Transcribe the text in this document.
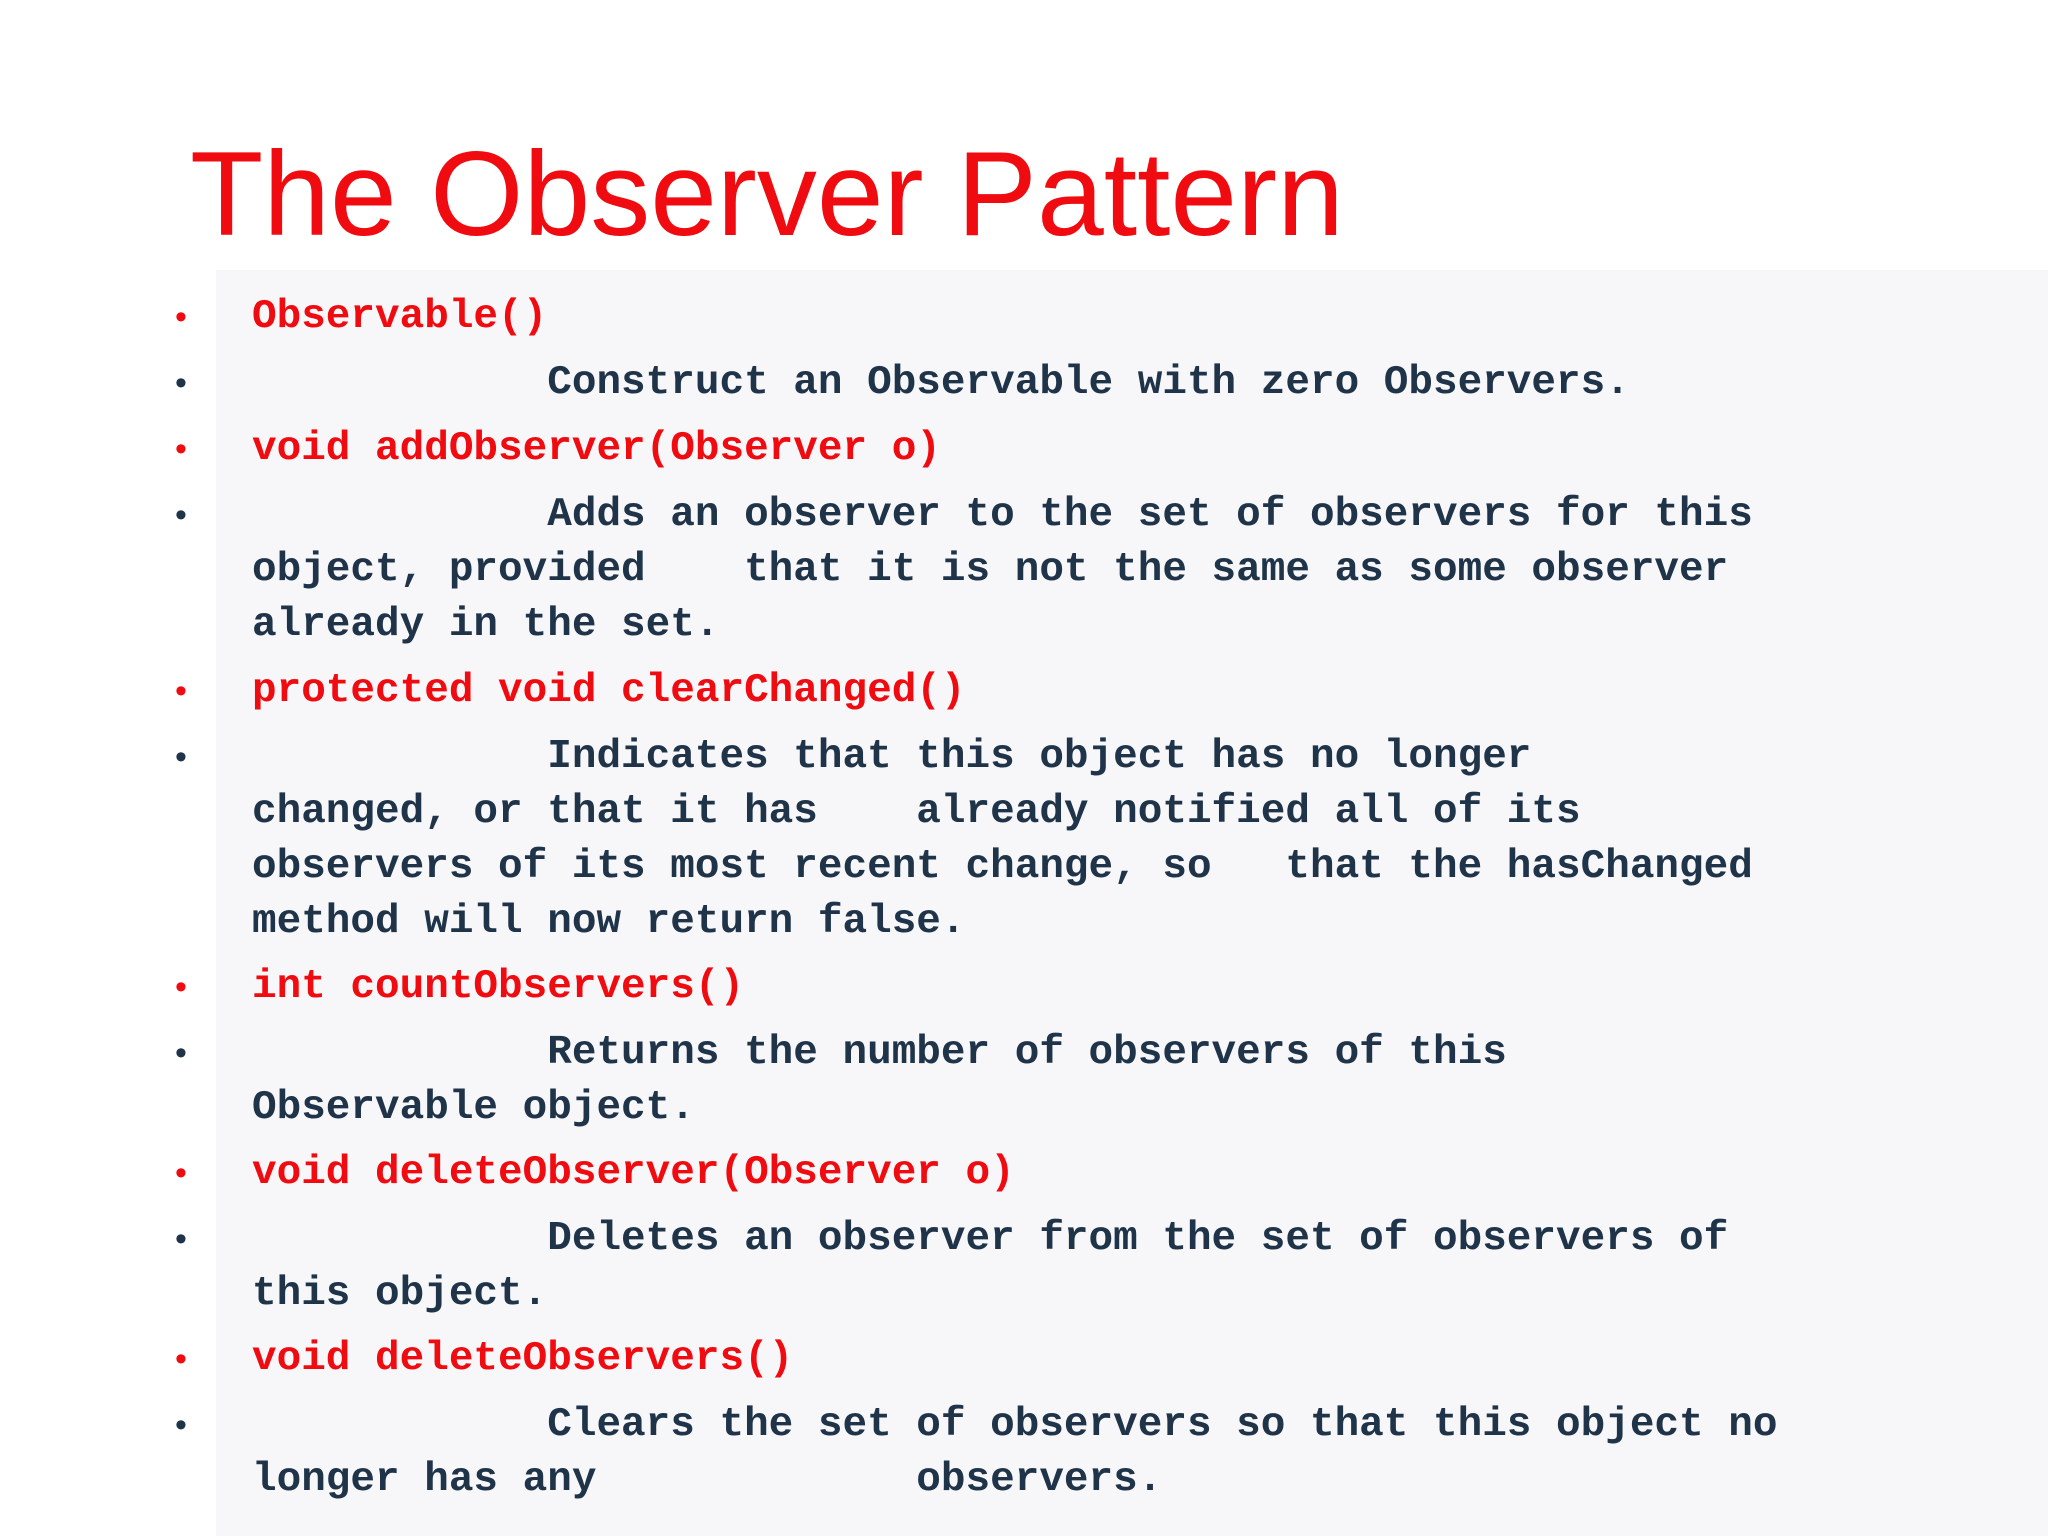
The Observer Pattern
• Observable()
• Construct an Observable with zero Observers.
• void addObserver(Observer o)
•	Adds an observer to the set of observers for this
object, provided    that it is not the same as some observer
already in the set.
• protected void clearChanged()
•	Indicates that this object has no longer
changed, or that it has    already notified all of its
observers of its most recent change, so   that the hasChanged
method will now return false.
• int countObservers()
•	Returns the number of observers of this
Observable object.
• void deleteObserver(Observer o)
•	Deletes an observer from the set of observers of
this object.
• void deleteObservers()
•	Clears the set of observers so that this object no
longer has any             observers.
